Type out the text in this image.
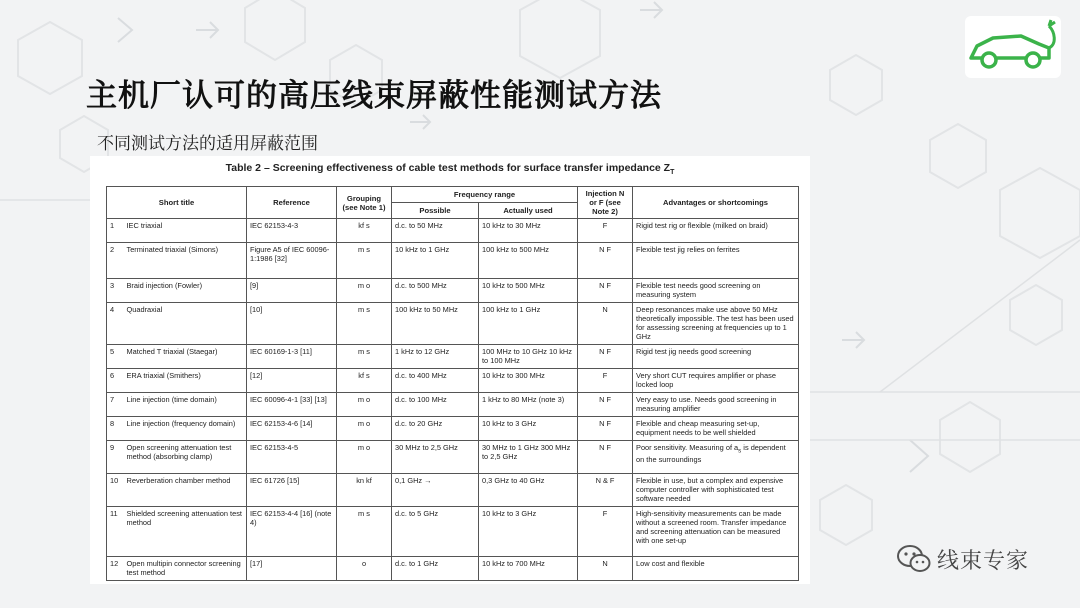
主机厂认可的高压线束屏蔽性能测试方法
不同测试方法的适用屏蔽范围
Table 2 – Screening effectiveness of cable test methods for surface transfer impedance $Z_T$
Short title		Reference	Grouping (see Note 1)	Frequency range		Injection N or F (see Note 2)	Advantages or shortcomings
				Possible	Actually used		
1	IEC triaxial	IEC 62153-4-3	kf s	d.c. to 50 MHz	10 kHz to 30 MHz	F	Rigid test rig or flexible (milked on braid)
2	Terminated triaxial (Simons)	Figure A5 of IEC 60096-1:1986 [32]	m s	10 kHz to 1 GHz	100 kHz to 500 MHz	N F	Flexible test jig relies on ferrites
3	Braid injection (Fowler)	[9]	m o	d.c. to 500 MHz	10 kHz to 500 MHz	N F	Flexible test needs good screening on measuring system
4	Quadraxial	[10]	m s	100 kHz to 50 MHz	100 kHz to 1 GHz	N	Deep resonances make use above 50 MHz theoretically impossible. The test has been used for assessing screening at frequencies up to 1 GHz
5	Matched T triaxial (Staegar)	IEC 60169-1-3 [11]	m s	1 kHz to 12 GHz	100 MHz to 10 GHz 10 kHz to 100 MHz	N F	Rigid test jig needs good screening
6	ERA triaxial (Smithers)	[12]	kf s	d.c. to 400 MHz	10 kHz to 300 MHz	F	Very short CUT requires amplifier or phase locked loop
7	Line injection (time domain)	IEC 60096-4-1 [33] [13]	m o	d.c. to 100 MHz	1 kHz to 80 MHz (note 3)	N F	Very easy to use. Needs good screening in measuring amplifier
8	Line injection (frequency domain)	IEC 62153-4-6 [14]	m o	d.c. to 20 GHz	10 kHz to 3 GHz	N F	Flexible and cheap measuring set-up, equipment needs to be well shielded
9	Open screening attenuation test method (absorbing clamp)	IEC 62153-4-5	m o	30 MHz to 2,5 GHz	30 MHz to 1 GHz 300 MHz to 2,5 GHz	N F	Poor sensitivity. Measuring of $a_s$ is dependent on the surroundings
10	Reverberation chamber method	IEC 61726 [15]	kn kf	0,1 GHz →	0,3 GHz to 40 GHz	N & F	Flexible in use, but a complex and expensive computer controller with sophisticated test software needed
11	Shielded screening attenuation test method	IEC 62153-4-4 [16] (note 4)	m s	d.c. to 5 GHz	10 kHz to 3 GHz	F	High-sensitivity measurements can be made without a screened room. Transfer impedance and screening attenuation can be measured with one set-up
12	Open multipin connector screening test method	[17]	o	d.c. to 1 GHz	10 kHz to 700 MHz	N	Low cost and flexible	线束专家
